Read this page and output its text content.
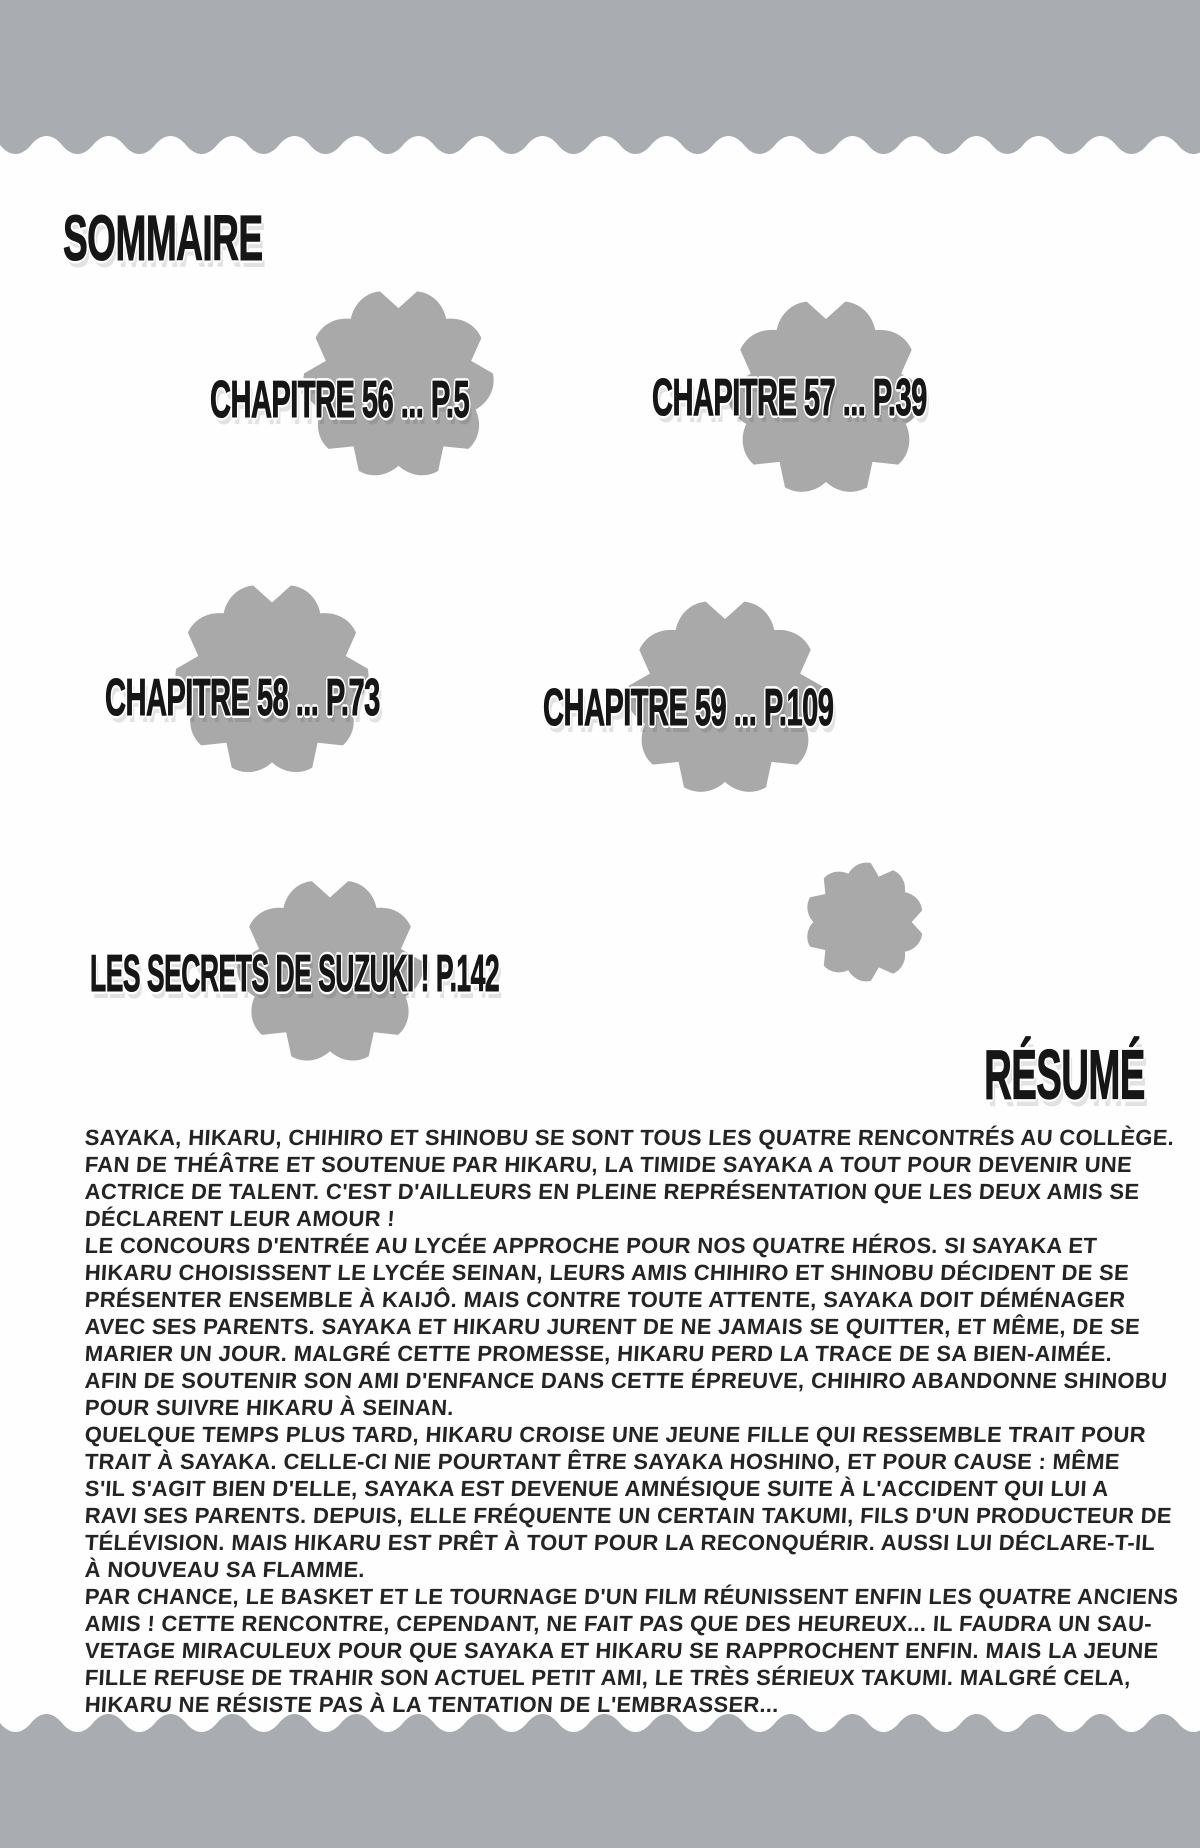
SOMMAIRE
CHAPITRE 56 ... P.5	CHAPITRE 57 ... P.39
CHAPITRE 58 ... P.73	CHAPITRE 59 ... P.109
LES SECRETS DE SUZUKI ! P.142
RÉSUMÉ
SAYAKA, HIKARU, CHIHIRO ET SHINOBU SE SONT TOUS LES QUATRE RENCONTRÉS AU COLLÈGE.
FAN DE THÉÂTRE ET SOUTENUE PAR HIKARU, LA TIMIDE SAYAKA A TOUT POUR DEVENIR UNE
ACTRICE DE TALENT. C'EST D'AILLEURS EN PLEINE REPRÉSENTATION QUE LES DEUX AMIS SE
DÉCLARENT LEUR AMOUR !
LE CONCOURS D'ENTRÉE AU LYCÉE APPROCHE POUR NOS QUATRE HÉROS. SI SAYAKA ET
HIKARU CHOISISSENT LE LYCÉE SEINAN, LEURS AMIS CHIHIRO ET SHINOBU DÉCIDENT DE SE
PRÉSENTER ENSEMBLE À KAIJÔ. MAIS CONTRE TOUTE ATTENTE, SAYAKA DOIT DÉMÉNAGER
AVEC SES PARENTS. SAYAKA ET HIKARU JURENT DE NE JAMAIS SE QUITTER, ET MÊME, DE SE
MARIER UN JOUR. MALGRÉ CETTE PROMESSE, HIKARU PERD LA TRACE DE SA BIEN-AIMÉE.
AFIN DE SOUTENIR SON AMI D'ENFANCE DANS CETTE ÉPREUVE, CHIHIRO ABANDONNE SHINOBU
POUR SUIVRE HIKARU À SEINAN.
QUELQUE TEMPS PLUS TARD, HIKARU CROISE UNE JEUNE FILLE QUI RESSEMBLE TRAIT POUR
TRAIT À SAYAKA. CELLE-CI NIE POURTANT ÊTRE SAYAKA HOSHINO, ET POUR CAUSE : MÊME
S'IL S'AGIT BIEN D'ELLE, SAYAKA EST DEVENUE AMNÉSIQUE SUITE À L'ACCIDENT QUI LUI A
RAVI SES PARENTS. DEPUIS, ELLE FRÉQUENTE UN CERTAIN TAKUMI, FILS D'UN PRODUCTEUR DE
TÉLÉVISION. MAIS HIKARU EST PRÊT À TOUT POUR LA RECONQUÉRIR. AUSSI LUI DÉCLARE-T-IL
À NOUVEAU SA FLAMME.
PAR CHANCE, LE BASKET ET LE TOURNAGE D'UN FILM RÉUNISSENT ENFIN LES QUATRE ANCIENS
AMIS ! CETTE RENCONTRE, CEPENDANT, NE FAIT PAS QUE DES HEUREUX... IL FAUDRA UN SAU-
VETAGE MIRACULEUX POUR QUE SAYAKA ET HIKARU SE RAPPROCHENT ENFIN. MAIS LA JEUNE
FILLE REFUSE DE TRAHIR SON ACTUEL PETIT AMI, LE TRÈS SÉRIEUX TAKUMI. MALGRÉ CELA,
HIKARU NE RÉSISTE PAS À LA TENTATION DE L'EMBRASSER...
